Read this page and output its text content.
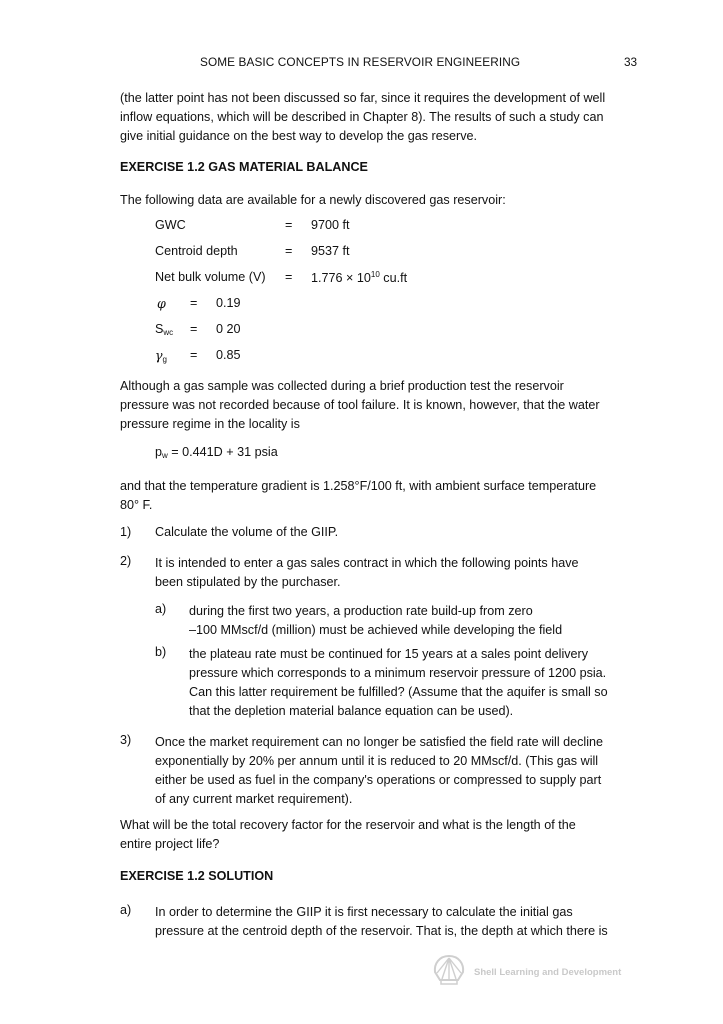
SOME BASIC CONCEPTS IN RESERVOIR ENGINEERING	33
(the latter point has not been discussed so far, since it requires the development of well
inflow equations, which will be described in Chapter 8). The results of such a study can
give initial guidance on the best way to develop the gas reserve.
EXERCISE 1.2 GAS MATERIAL BALANCE
The following data are available for a newly discovered gas reservoir:
GWC	= 9700 ft
Centroid depth	= 9537 ft
Net bulk volume $(V) = 1.776 \times 10^{10}$ cu.ft
φ = 0.19
$S_{wc} = 0$ 20
$\gamma_g = 0.85$
Although a gas sample was collected during a brief production test the reservoir
pressure was not recorded because of tool failure. It is known, however, that the water
pressure regime in the locality is
$p_w = 0.441D + 31$ psia
and that the temperature gradient is 1.258°F/100 ft, with ambient surface temperature
80° F.
1) Calculate the volume of the GIIP.
2) It is intended to enter a gas sales contract in which the following points have
been stipulated by the purchaser.
a) during the first two years, a production rate build-up from zero
–100 MMscf/d (million) must be achieved while developing the field
b) the plateau rate must be continued for 15 years at a sales point delivery
pressure which corresponds to a minimum reservoir pressure of 1200 psia.
Can this latter requirement be fulfilled? (Assume that the aquifer is small so
that the depletion material balance equation can be used).
3) Once the market requirement can no longer be satisfied the field rate will decline
exponentially by 20% per annum until it is reduced to 20 MMscf/d. (This gas will
either be used as fuel in the company's operations or compressed to supply part
of any current market requirement).
What will be the total recovery factor for the reservoir and what is the length of the
entire project life?
EXERCISE 1.2 SOLUTION
a) In order to determine the GIIP it is first necessary to calculate the initial gas
pressure at the centroid depth of the reservoir. That is, the depth at which there is
Shell Learning and Development
